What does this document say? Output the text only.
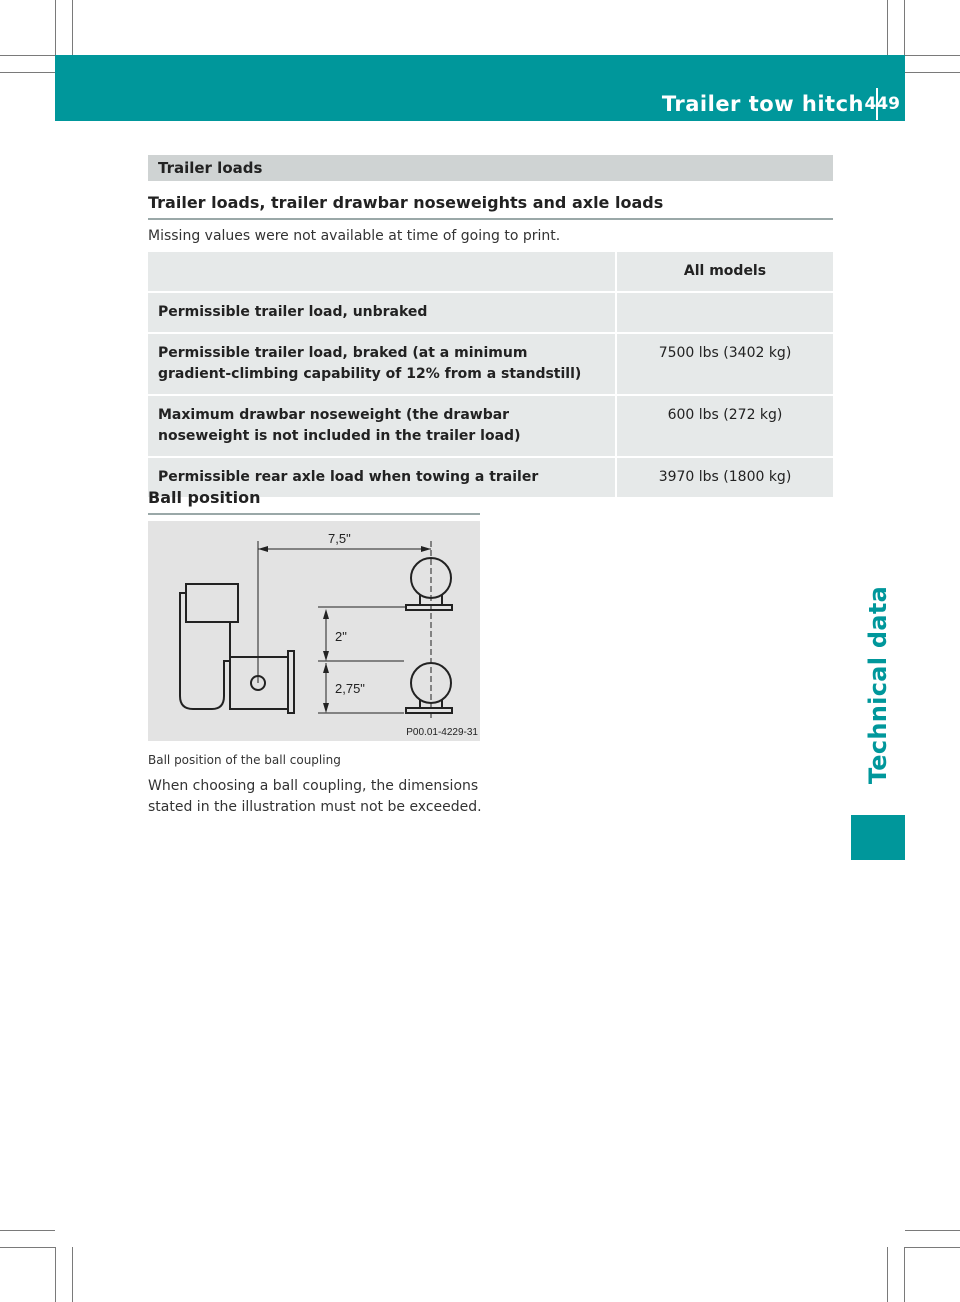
Trailer tow hitch 449
Technical data
Trailer loads
Trailer loads, trailer drawbar noseweights and axle loads
Missing values were not available at time of going to print.
	All models
Permissible trailer load, unbraked	
Permissible trailer load, braked (at a minimum gradient-climbing capability of 12% from a standstill)	7500 lbs (3402 kg)
Maximum drawbar noseweight (the drawbar noseweight is not included in the trailer load)	600 lbs (272 kg)
Permissible rear axle load when towing a trailer	3970 lbs (1800 kg)
Ball position
7,5"
2"
2,75"
P00.01-4229-31
Ball position of the ball coupling
When choosing a ball coupling, the dimensions stated in the illustration must not be exceeded.
